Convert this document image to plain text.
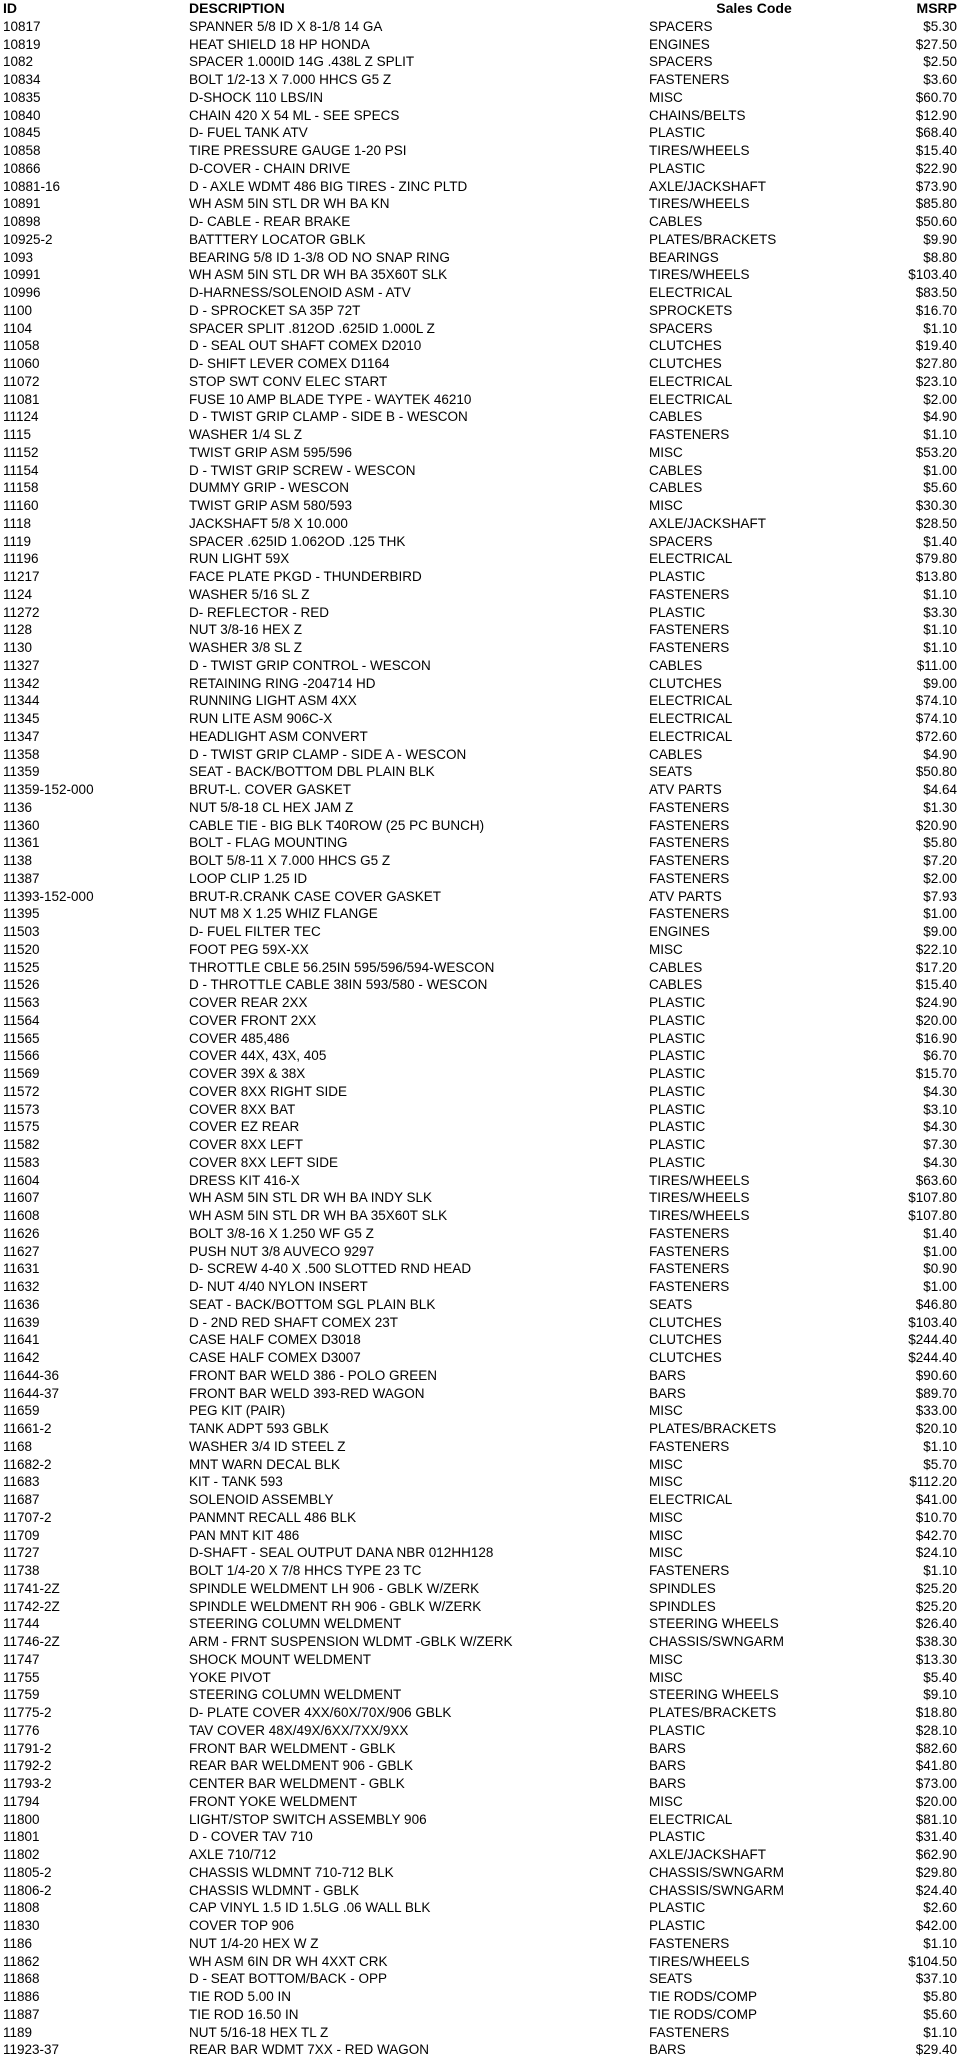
ID	DESCRIPTION	Sales Code	MSRP
10817	SPANNER 5/8 ID X 8-1/8 14 GA	SPACERS	$5.30
10819	HEAT SHIELD 18 HP HONDA	ENGINES	$27.50
1082	SPACER 1.000ID 14G .438L Z SPLIT	SPACERS	$2.50
10834	BOLT 1/2-13 X 7.000 HHCS G5 Z	FASTENERS	$3.60
10835	D-SHOCK 110 LBS/IN	MISC	$60.70
10840	CHAIN 420 X 54 ML - SEE SPECS	CHAINS/BELTS	$12.90
10845	D- FUEL TANK ATV	PLASTIC	$68.40
10858	TIRE PRESSURE GAUGE 1-20 PSI	TIRES/WHEELS	$15.40
10866	D-COVER - CHAIN DRIVE	PLASTIC	$22.90
10881-16	D - AXLE WDMT 486 BIG TIRES - ZINC PLTD	AXLE/JACKSHAFT	$73.90
10891	WH ASM 5IN STL DR WH BA KN	TIRES/WHEELS	$85.80
10898	D- CABLE - REAR BRAKE	CABLES	$50.60
10925-2	BATTTERY LOCATOR GBLK	PLATES/BRACKETS	$9.90
1093	BEARING 5/8 ID 1-3/8 OD NO SNAP RING	BEARINGS	$8.80
10991	WH ASM 5IN STL DR WH BA 35X60T SLK	TIRES/WHEELS	$103.40
10996	D-HARNESS/SOLENOID ASM - ATV	ELECTRICAL	$83.50
1100	D - SPROCKET SA 35P 72T	SPROCKETS	$16.70
1104	SPACER SPLIT .812OD .625ID 1.000L Z	SPACERS	$1.10
11058	D - SEAL OUT SHAFT COMEX D2010	CLUTCHES	$19.40
11060	D- SHIFT LEVER COMEX D1164	CLUTCHES	$27.80
11072	STOP SWT CONV ELEC START	ELECTRICAL	$23.10
11081	FUSE 10 AMP BLADE TYPE - WAYTEK 46210	ELECTRICAL	$2.00
11124	D - TWIST GRIP CLAMP - SIDE B - WESCON	CABLES	$4.90
1115	WASHER 1/4 SL Z	FASTENERS	$1.10
11152	TWIST GRIP ASM 595/596	MISC	$53.20
11154	D - TWIST GRIP SCREW - WESCON	CABLES	$1.00
11158	DUMMY GRIP - WESCON	CABLES	$5.60
11160	TWIST GRIP ASM 580/593	MISC	$30.30
1118	JACKSHAFT 5/8 X 10.000	AXLE/JACKSHAFT	$28.50
1119	SPACER .625ID 1.062OD .125 THK	SPACERS	$1.40
11196	RUN LIGHT 59X	ELECTRICAL	$79.80
11217	FACE PLATE PKGD - THUNDERBIRD	PLASTIC	$13.80
1124	WASHER 5/16 SL Z	FASTENERS	$1.10
11272	D- REFLECTOR - RED	PLASTIC	$3.30
1128	NUT 3/8-16 HEX Z	FASTENERS	$1.10
1130	WASHER 3/8 SL Z	FASTENERS	$1.10
11327	D - TWIST GRIP CONTROL - WESCON	CABLES	$11.00
11342	RETAINING RING -204714 HD	CLUTCHES	$9.00
11344	RUNNING LIGHT ASM 4XX	ELECTRICAL	$74.10
11345	RUN LITE ASM 906C-X	ELECTRICAL	$74.10
11347	HEADLIGHT ASM CONVERT	ELECTRICAL	$72.60
11358	D - TWIST GRIP CLAMP - SIDE A - WESCON	CABLES	$4.90
11359	SEAT - BACK/BOTTOM DBL PLAIN BLK	SEATS	$50.80
11359-152-000	BRUT-L. COVER GASKET	ATV PARTS	$4.64
1136	NUT 5/8-18 CL HEX JAM Z	FASTENERS	$1.30
11360	CABLE TIE - BIG BLK T40ROW (25 PC BUNCH)	FASTENERS	$20.90
11361	BOLT - FLAG MOUNTING	FASTENERS	$5.80
1138	BOLT 5/8-11 X 7.000 HHCS G5 Z	FASTENERS	$7.20
11387	LOOP CLIP 1.25 ID	FASTENERS	$2.00
11393-152-000	BRUT-R.CRANK CASE COVER GASKET	ATV PARTS	$7.93
11395	NUT M8 X 1.25 WHIZ FLANGE	FASTENERS	$1.00
11503	D- FUEL FILTER TEC	ENGINES	$9.00
11520	FOOT PEG 59X-XX	MISC	$22.10
11525	THROTTLE CBLE 56.25IN 595/596/594-WESCON	CABLES	$17.20
11526	D - THROTTLE CABLE 38IN 593/580 - WESCON	CABLES	$15.40
11563	COVER REAR 2XX	PLASTIC	$24.90
11564	COVER FRONT 2XX	PLASTIC	$20.00
11565	COVER 485,486	PLASTIC	$16.90
11566	COVER 44X, 43X, 405	PLASTIC	$6.70
11569	COVER 39X & 38X	PLASTIC	$15.70
11572	COVER 8XX RIGHT SIDE	PLASTIC	$4.30
11573	COVER 8XX BAT	PLASTIC	$3.10
11575	COVER EZ REAR	PLASTIC	$4.30
11582	COVER 8XX LEFT	PLASTIC	$7.30
11583	COVER 8XX LEFT SIDE	PLASTIC	$4.30
11604	DRESS KIT 416-X	TIRES/WHEELS	$63.60
11607	WH ASM 5IN STL DR WH BA INDY SLK	TIRES/WHEELS	$107.80
11608	WH ASM 5IN STL DR WH BA 35X60T SLK	TIRES/WHEELS	$107.80
11626	BOLT 3/8-16 X 1.250 WF G5 Z	FASTENERS	$1.40
11627	PUSH NUT 3/8 AUVECO 9297	FASTENERS	$1.00
11631	D- SCREW 4-40 X .500 SLOTTED RND HEAD	FASTENERS	$0.90
11632	D- NUT 4/40 NYLON INSERT	FASTENERS	$1.00
11636	SEAT - BACK/BOTTOM SGL PLAIN BLK	SEATS	$46.80
11639	D - 2ND RED SHAFT COMEX 23T	CLUTCHES	$103.40
11641	CASE HALF COMEX D3018	CLUTCHES	$244.40
11642	CASE HALF COMEX D3007	CLUTCHES	$244.40
11644-36	FRONT BAR WELD 386 - POLO GREEN	BARS	$90.60
11644-37	FRONT BAR WELD 393-RED WAGON	BARS	$89.70
11659	PEG KIT (PAIR)	MISC	$33.00
11661-2	TANK ADPT 593 GBLK	PLATES/BRACKETS	$20.10
1168	WASHER 3/4 ID STEEL Z	FASTENERS	$1.10
11682-2	MNT WARN DECAL BLK	MISC	$5.70
11683	KIT - TANK 593	MISC	$112.20
11687	SOLENOID ASSEMBLY	ELECTRICAL	$41.00
11707-2	PANMNT RECALL 486 BLK	MISC	$10.70
11709	PAN MNT KIT 486	MISC	$42.70
11727	D-SHAFT - SEAL OUTPUT DANA NBR 012HH128	MISC	$24.10
11738	BOLT 1/4-20 X 7/8 HHCS TYPE 23 TC	FASTENERS	$1.10
11741-2Z	SPINDLE WELDMENT LH 906 - GBLK W/ZERK	SPINDLES	$25.20
11742-2Z	SPINDLE WELDMENT RH 906 - GBLK W/ZERK	SPINDLES	$25.20
11744	STEERING COLUMN WELDMENT	STEERING WHEELS	$26.40
11746-2Z	ARM - FRNT SUSPENSION WLDMT -GBLK W/ZERK	CHASSIS/SWNGARM	$38.30
11747	SHOCK MOUNT WELDMENT	MISC	$13.30
11755	YOKE PIVOT	MISC	$5.40
11759	STEERING COLUMN WELDMENT	STEERING WHEELS	$9.10
11775-2	D- PLATE COVER 4XX/60X/70X/906 GBLK	PLATES/BRACKETS	$18.80
11776	TAV COVER 48X/49X/6XX/7XX/9XX	PLASTIC	$28.10
11791-2	FRONT BAR WELDMENT - GBLK	BARS	$82.60
11792-2	REAR BAR WELDMENT 906 - GBLK	BARS	$41.80
11793-2	CENTER BAR WELDMENT - GBLK	BARS	$73.00
11794	FRONT YOKE WELDMENT	MISC	$20.00
11800	LIGHT/STOP SWITCH ASSEMBLY 906	ELECTRICAL	$81.10
11801	D - COVER TAV 710	PLASTIC	$31.40
11802	AXLE 710/712	AXLE/JACKSHAFT	$62.90
11805-2	CHASSIS WLDMNT 710-712 BLK	CHASSIS/SWNGARM	$29.80
11806-2	CHASSIS WLDMNT - GBLK	CHASSIS/SWNGARM	$24.40
11808	CAP VINYL 1.5 ID 1.5LG .06 WALL BLK	PLASTIC	$2.60
11830	COVER TOP 906	PLASTIC	$42.00
1186	NUT 1/4-20 HEX W Z	FASTENERS	$1.10
11862	WH ASM 6IN DR WH 4XXT CRK	TIRES/WHEELS	$104.50
11868	D - SEAT BOTTOM/BACK - OPP	SEATS	$37.10
11886	TIE ROD 5.00 IN	TIE RODS/COMP	$5.80
11887	TIE ROD 16.50 IN	TIE RODS/COMP	$5.60
1189	NUT 5/16-18 HEX TL Z	FASTENERS	$1.10
11923-37	REAR BAR WDMT 7XX - RED WAGON	BARS	$29.40
